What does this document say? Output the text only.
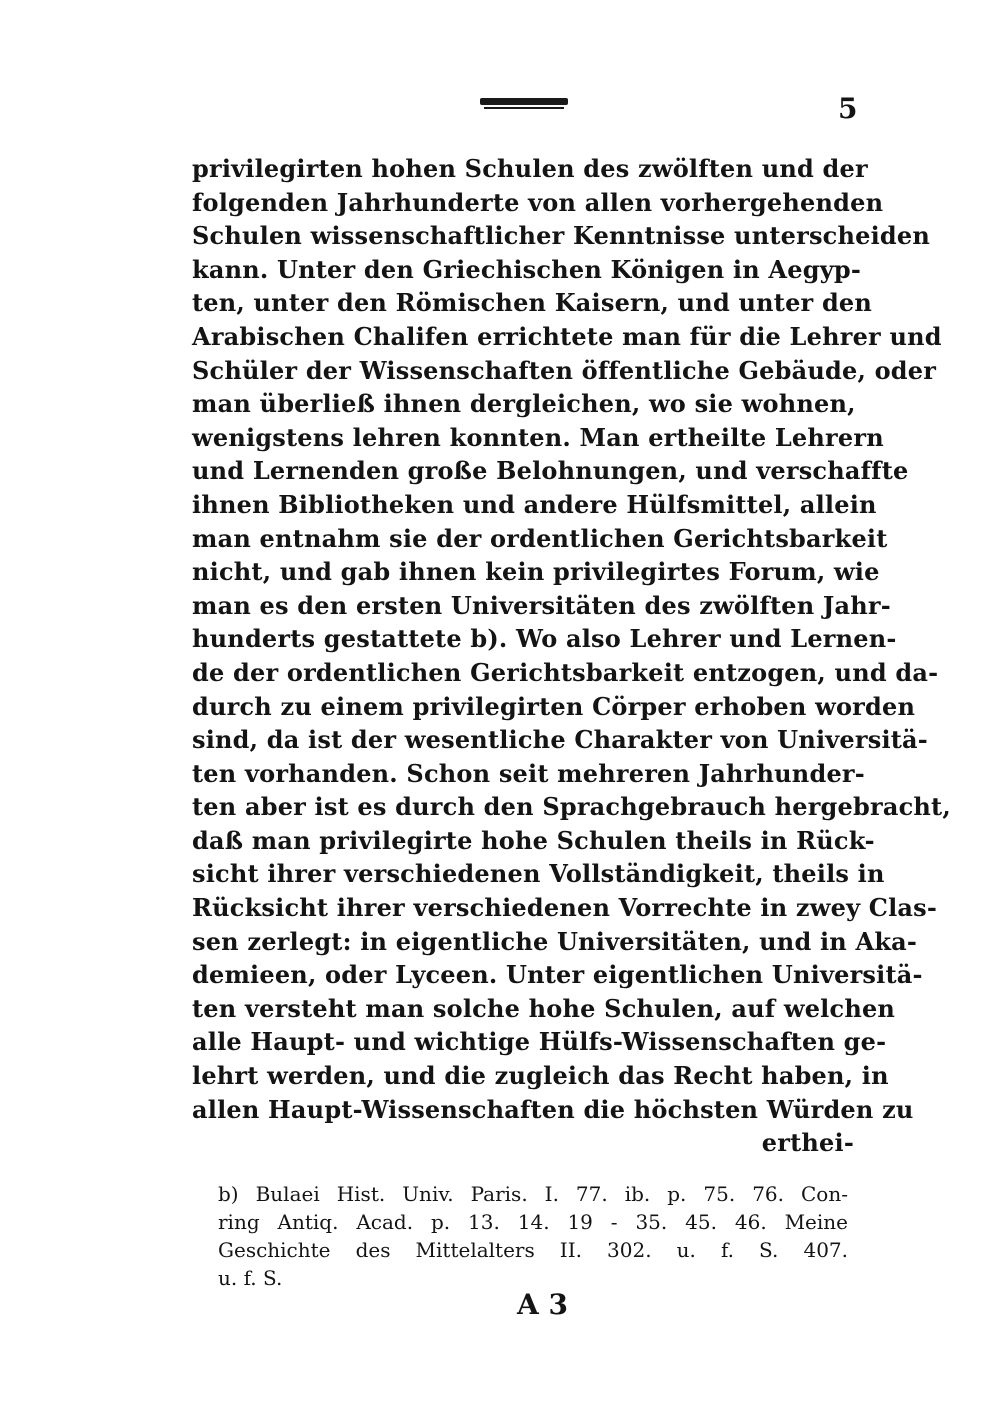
5
privilegirten hohen Schulen des zwölften und der
folgenden Jahrhunderte von allen vorhergehenden
Schulen wissenschaftlicher Kenntnisse unterscheiden
kann. Unter den Griechischen Königen in Aegyp-
ten, unter den Römischen Kaisern, und unter den
Arabischen Chalifen errichtete man für die Lehrer und
Schüler der Wissenschaften öffentliche Gebäude, oder
man überließ ihnen dergleichen, wo sie wohnen,
wenigstens lehren konnten. Man ertheilte Lehrern
und Lernenden große Belohnungen, und verschaffte
ihnen Bibliotheken und andere Hülfsmittel, allein
man entnahm sie der ordentlichen Gerichtsbarkeit
nicht, und gab ihnen kein privilegirtes Forum, wie
man es den ersten Universitäten des zwölften Jahr-
hunderts gestattete b). Wo also Lehrer und Lernen-
de der ordentlichen Gerichtsbarkeit entzogen, und da-
durch zu einem privilegirten Cörper erhoben worden
sind, da ist der wesentliche Charakter von Universitä-
ten vorhanden. Schon seit mehreren Jahrhunder-
ten aber ist es durch den Sprachgebrauch hergebracht,
daß man privilegirte hohe Schulen theils in Rück-
sicht ihrer verschiedenen Vollständigkeit, theils in
Rücksicht ihrer verschiedenen Vorrechte in zwey Clas-
sen zerlegt: in eigentliche Universitäten, und in Aka-
demieen, oder Lyceen. Unter eigentlichen Universitä-
ten versteht man solche hohe Schulen, auf welchen
alle Haupt- und wichtige Hülfs-Wissenschaften ge-
lehrt werden, und die zugleich das Recht haben, in
allen Haupt-Wissenschaften die höchsten Würden zu
erthei-
b) Bulaei Hist. Univ. Paris. I. 77. ib. p. 75. 76. Con-
ring Antiq. Acad. p. 13. 14. 19 - 35. 45. 46. Meine
Geschichte des Mittelalters II. 302. u. f. S. 407.
u. f. S.
A 3
